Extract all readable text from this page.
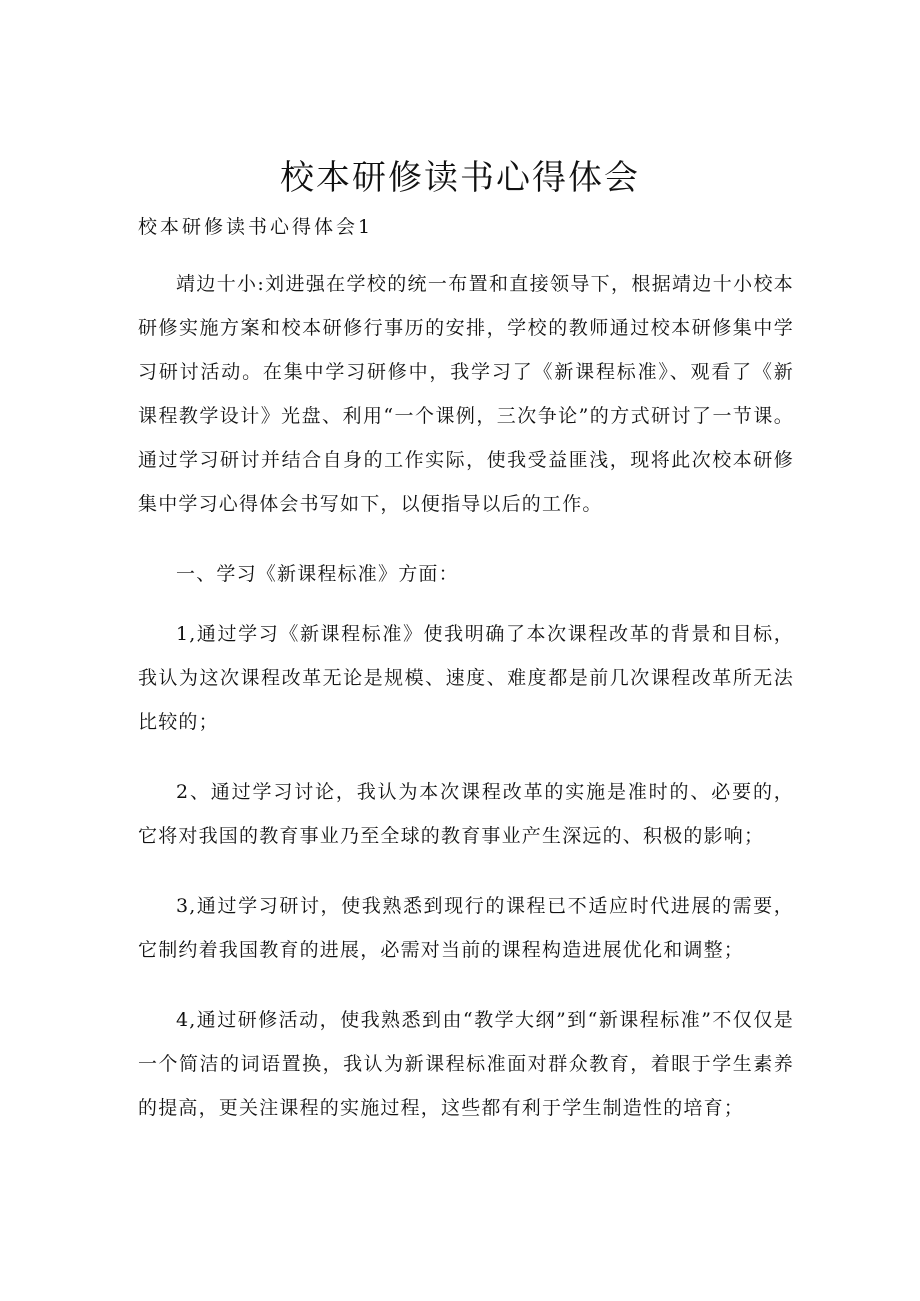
校本研修读书心得体会

校本研修读书心得体会1

靖边十小:刘进强在学校的统一布置和直接领导下，根据靖边十小校本研修实施方案和校本研修行事历的安排，学校的教师通过校本研修集中学习研讨活动。在集中学习研修中，我学习了《新课程标准》、观看了《新课程教学设计》光盘、利用“一个课例，三次争论”的方式研讨了一节课。通过学习研讨并结合自身的工作实际，使我受益匪浅，现将此次校本研修集中学习心得体会书写如下，以便指导以后的工作。

一、学习《新课程标准》方面：

1,通过学习《新课程标准》使我明确了本次课程改革的背景和目标，我认为这次课程改革无论是规模、速度、难度都是前几次课程改革所无法比较的；

2、通过学习讨论，我认为本次课程改革的实施是准时的、必要的，它将对我国的教育事业乃至全球的教育事业产生深远的、积极的影响；

3,通过学习研讨，使我熟悉到现行的课程已不适应时代进展的需要，它制约着我国教育的进展，必需对当前的课程构造进展优化和调整；

4,通过研修活动，使我熟悉到由“教学大纲”到“新课程标准”不仅仅是一个简洁的词语置换，我认为新课程标准面对群众教育，着眼于学生素养的提高，更关注课程的实施过程，这些都有利于学生制造性的培育；
